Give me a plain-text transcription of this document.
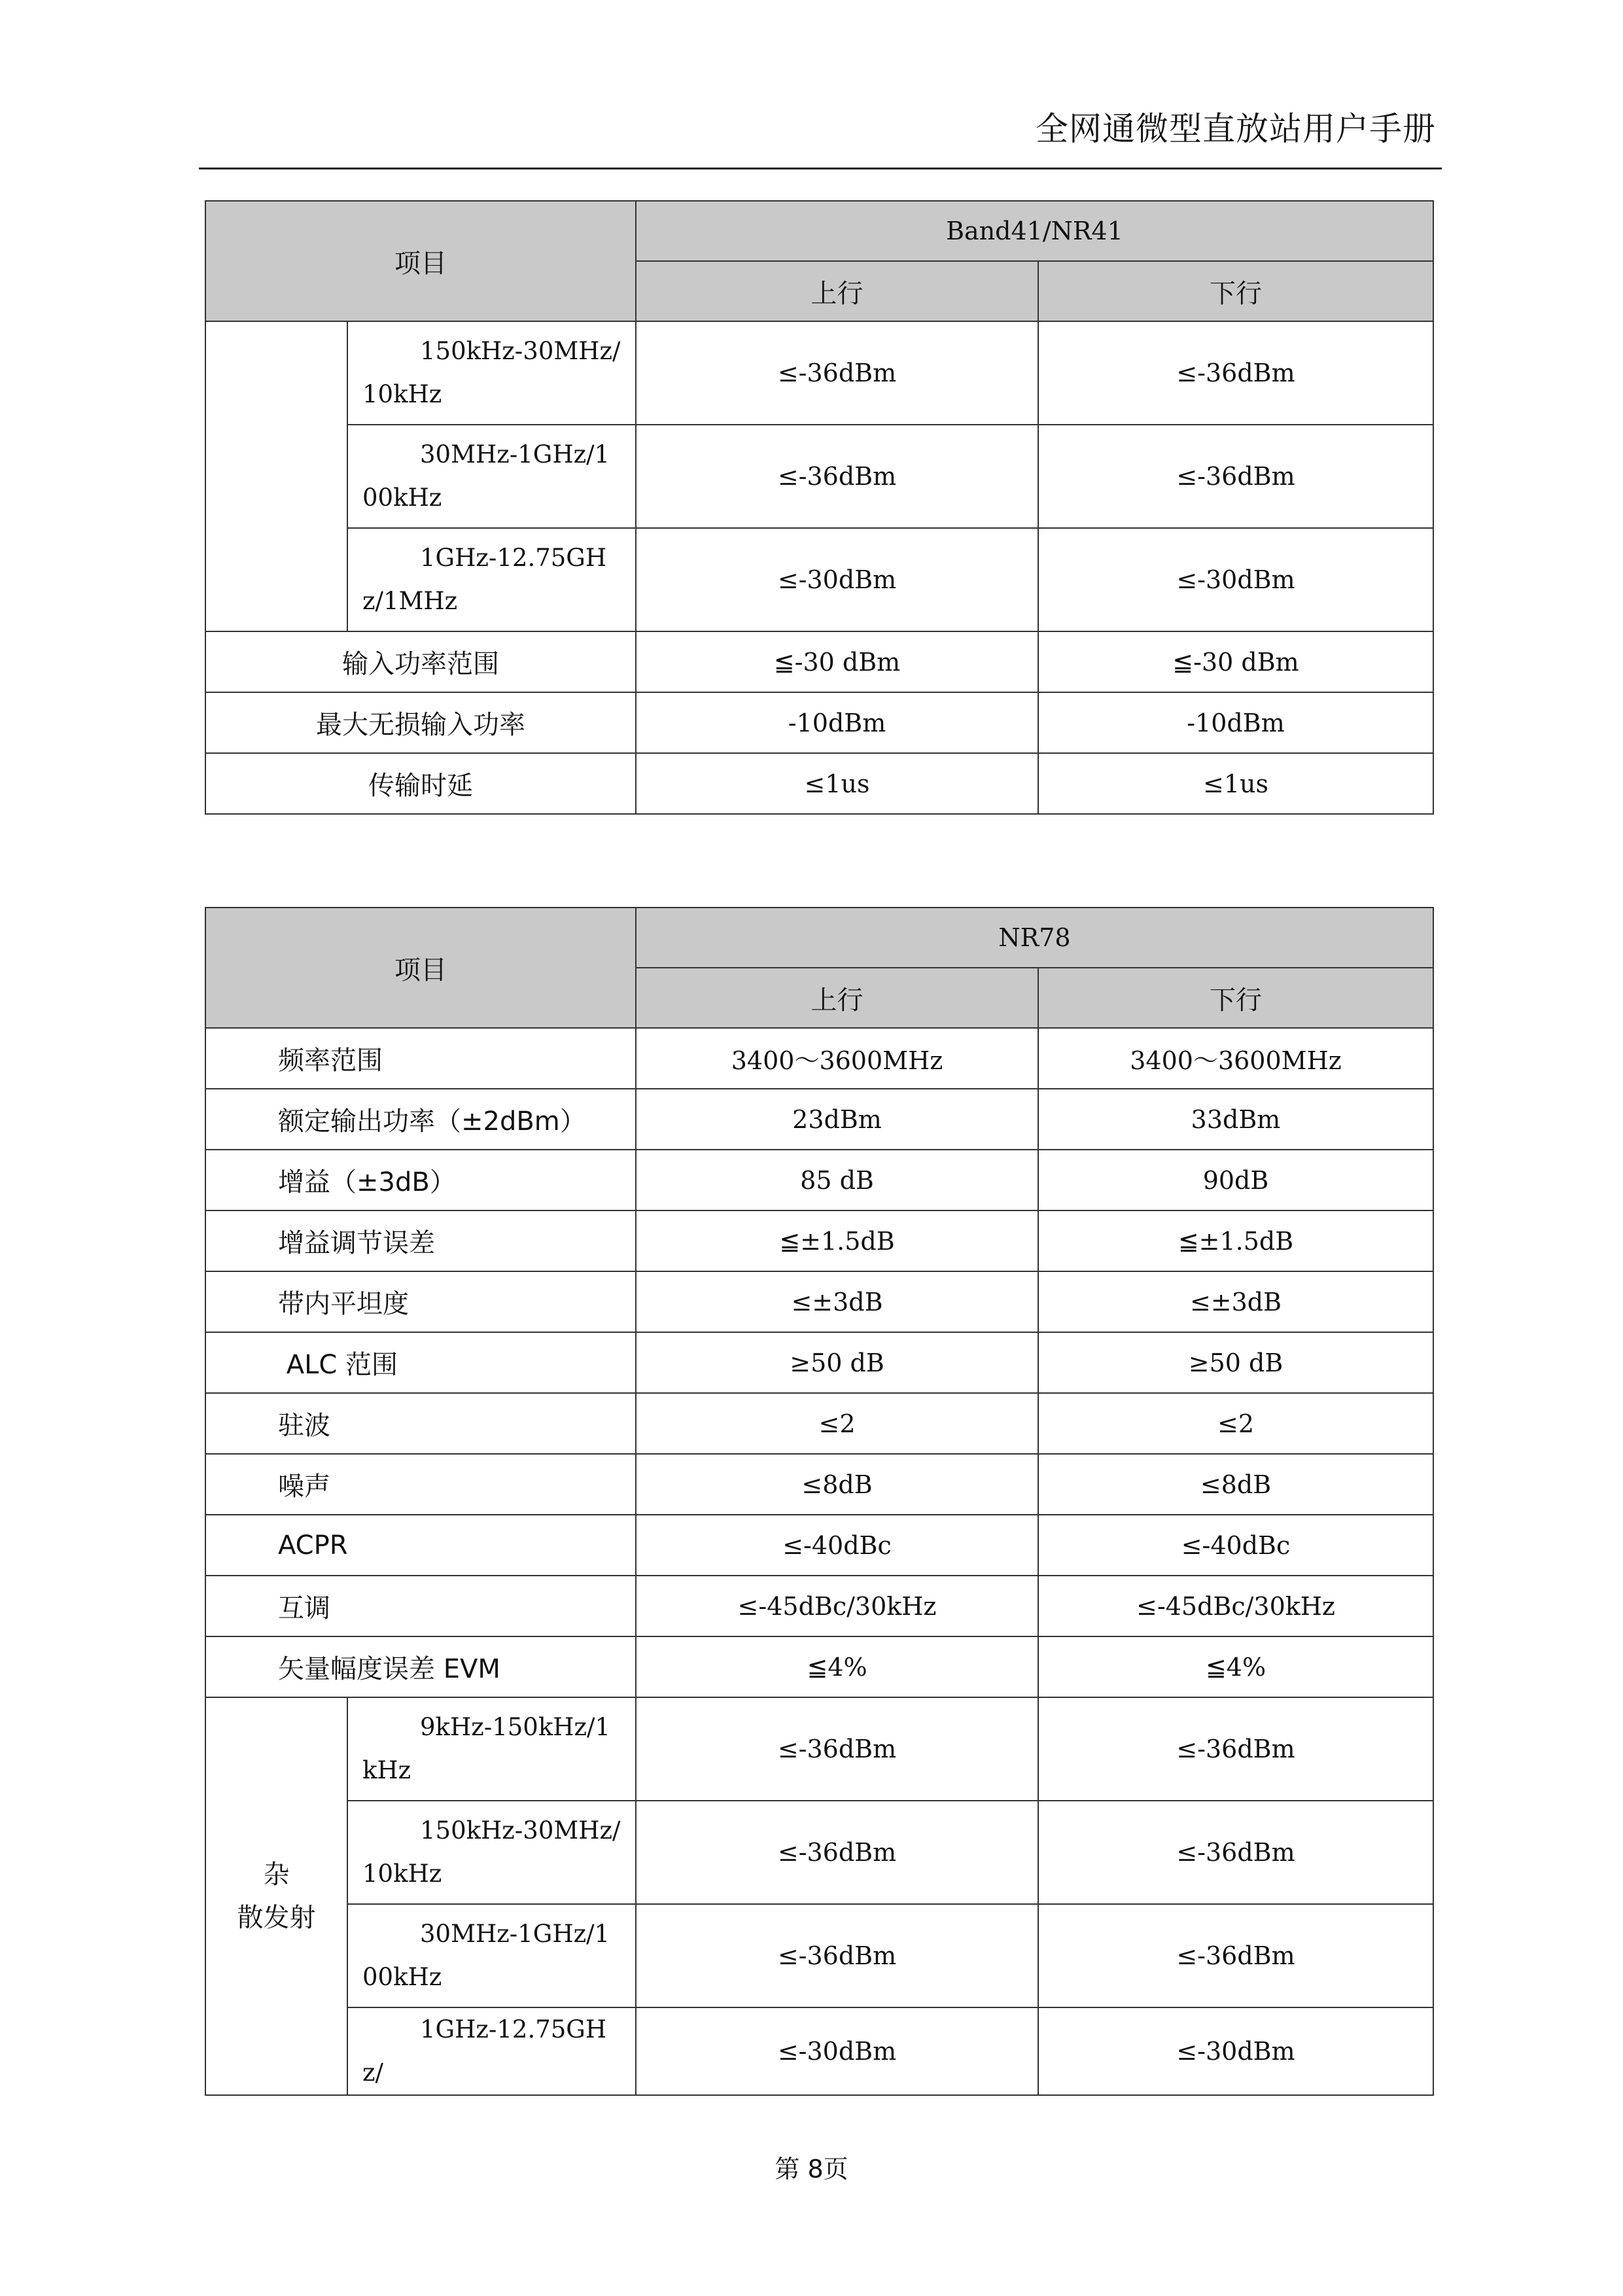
全网通微型直放站用户手册
项目		Band41/NR41	
		上行	下行
	150kHz-30MHz/10kHz	≤-36dBm	≤-36dBm
	30MHz-1GHz/100kHz	≤-36dBm	≤-36dBm
	1GHz-12.75GHz/1MHz	≤-30dBm	≤-30dBm
输入功率范围		≦-30 dBm	≦-30 dBm
最大无损输入功率		-10dBm	-10dBm
传输时延		≤1us	≤1us
项目		NR78	
		上行	下行
频率范围		3400～3600MHz	3400～3600MHz
额定输出功率（±2dBm）		23dBm	33dBm
增益（±3dB）		85 dB	90dB
增益调节误差		≦±1.5dB	≦±1.5dB
带内平坦度		≤±3dB	≤±3dB
ALC 范围		≥50 dB	≥50 dB
驻波		≤2	≤2
噪声		≤8dB	≤8dB
ACPR		≤-40dBc	≤-40dBc
互调		≤-45dBc/30kHz	≤-45dBc/30kHz
矢量幅度误差 EVM		≦4%	≦4%

杂
散发射	9kHz-150kHz/1kHz	≤-36dBm	≤-36dBm
	150kHz-30MHz/10kHz	≤-36dBm	≤-36dBm
	30MHz-1GHz/100kHz	≤-36dBm	≤-36dBm
	1GHz-12.75GHz/	≤-30dBm	≤-30dBm
第 8页
